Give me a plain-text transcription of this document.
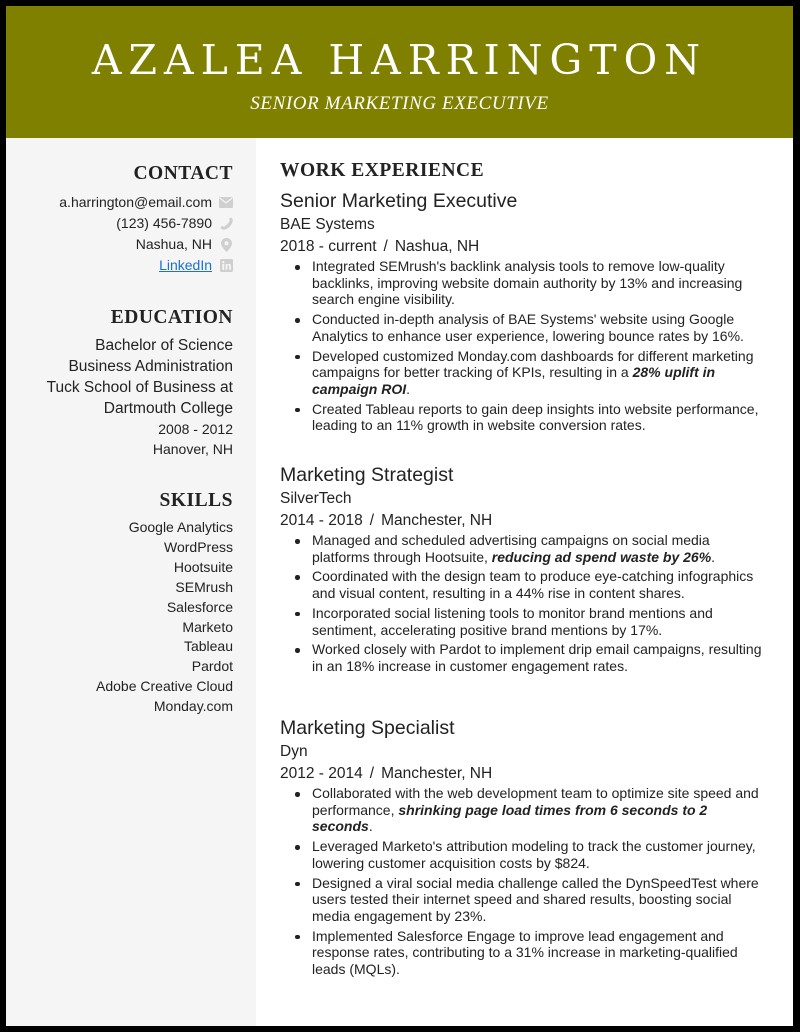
AZALEA HARRINGTON
SENIOR MARKETING EXECUTIVE
CONTACT
a.harrington@email.com
(123) 456-7890
Nashua, NH
LinkedIn
EDUCATION
Bachelor of Science
Business Administration
Tuck School of Business at
Dartmouth College
2008 - 2012
Hanover, NH
SKILLS
Google Analytics
WordPress
Hootsuite
SEMrush
Salesforce
Marketo
Tableau
Pardot
Adobe Creative Cloud
Monday.com
WORK EXPERIENCE
Senior Marketing Executive
BAE Systems
2018 - current / Nashua, NH
Integrated SEMrush's backlink analysis tools to remove low-quality backlinks, improving website domain authority by 13% and increasing search engine visibility.
Conducted in-depth analysis of BAE Systems' website using Google Analytics to enhance user experience, lowering bounce rates by 16%.
Developed customized Monday.com dashboards for different marketing campaigns for better tracking of KPIs, resulting in a 28% uplift in campaign ROI.
Created Tableau reports to gain deep insights into website performance, leading to an 11% growth in website conversion rates.
Marketing Strategist
SilverTech
2014 - 2018 / Manchester, NH
Managed and scheduled advertising campaigns on social media platforms through Hootsuite, reducing ad spend waste by 26%.
Coordinated with the design team to produce eye-catching infographics and visual content, resulting in a 44% rise in content shares.
Incorporated social listening tools to monitor brand mentions and sentiment, accelerating positive brand mentions by 17%.
Worked closely with Pardot to implement drip email campaigns, resulting in an 18% increase in customer engagement rates.
Marketing Specialist
Dyn
2012 - 2014 / Manchester, NH
Collaborated with the web development team to optimize site speed and performance, shrinking page load times from 6 seconds to 2 seconds.
Leveraged Marketo's attribution modeling to track the customer journey, lowering customer acquisition costs by $824.
Designed a viral social media challenge called the DynSpeedTest where users tested their internet speed and shared results, boosting social media engagement by 23%.
Implemented Salesforce Engage to improve lead engagement and response rates, contributing to a 31% increase in marketing-qualified leads (MQLs).
